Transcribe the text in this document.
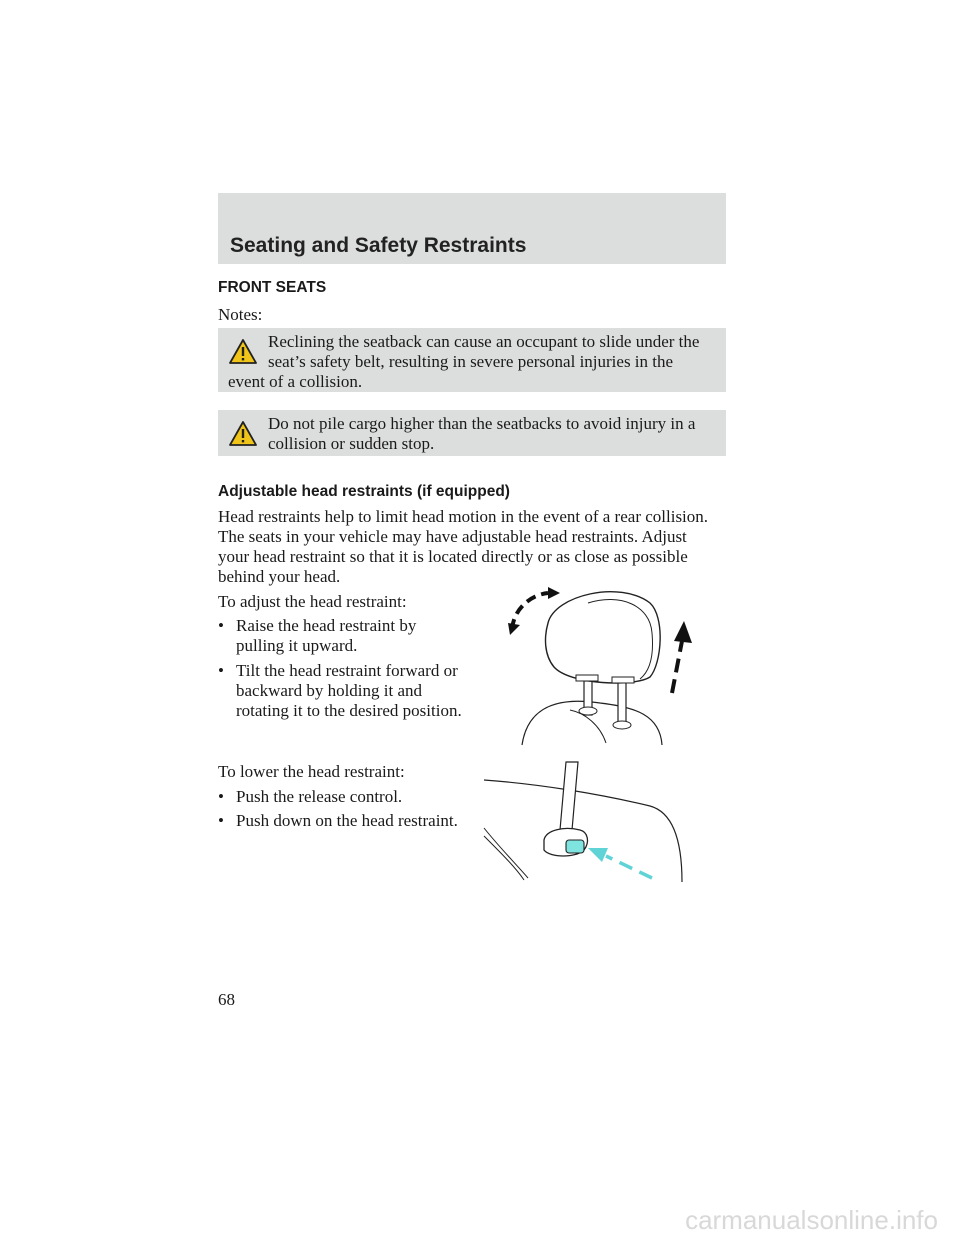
Seating and Safety Restraints
FRONT SEATS
Notes:
Reclining the seatback can cause an occupant to slide under the
seat’s safety belt, resulting in severe personal injuries in the
event of a collision.
Do not pile cargo higher than the seatbacks to avoid injury in a
collision or sudden stop.
Adjustable head restraints (if equipped)
Head restraints help to limit head motion in the event of a rear collision.
The seats in your vehicle may have adjustable head restraints. Adjust
your head restraint so that it is located directly or as close as possible
behind your head.
To adjust the head restraint:
• Raise the head restraint by
pulling it upward.
• Tilt the head restraint forward or
backward by holding it and
rotating it to the desired position.
To lower the head restraint:
• Push the release control.
• Push down on the head restraint.
68
carmanualsonline.info
